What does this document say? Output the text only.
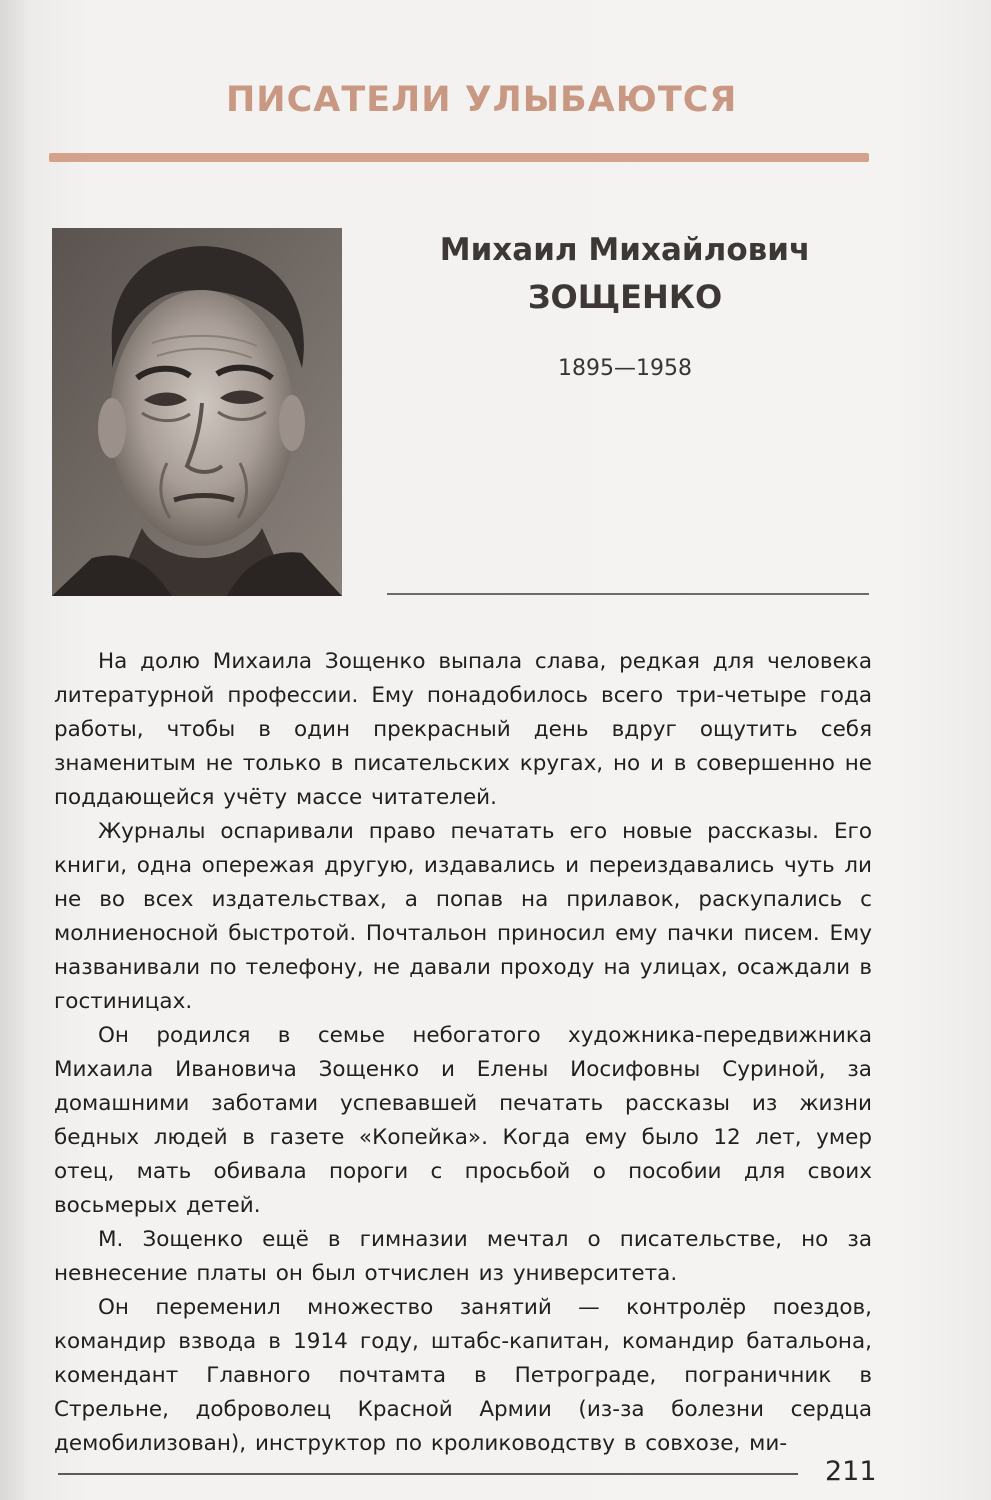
ПИСАТЕЛИ УЛЫБАЮТСЯ
Михаил Михайлович
ЗОЩЕНКО
1895—1958

На долю Михаила Зощенко выпала слава, редкая для человека литературной профессии. Ему понадобилось всего три-четыре года работы, чтобы в один прекрасный день вдруг ощутить себя знаменитым не только в писательских кругах, но и в совершенно не поддающейся учёту массе читателей.

Журналы оспаривали право печатать его новые рассказы. Его книги, одна опережая другую, издавались и переиздавались чуть ли не во всех издательствах, а попав на прилавок, раскупались с молниеносной быстротой. Почтальон приносил ему пачки писем. Ему названивали по телефону, не давали проходу на улицах, осаждали в гостиницах.

Он родился в семье небогатого художника-передвижника Михаила Ивановича Зощенко и Елены Иосифовны Суриной, за домашними заботами успевавшей печатать рассказы из жизни бедных людей в газете «Копейка». Когда ему было 12 лет, умер отец, мать обивала пороги с просьбой о пособии для своих восьмерых детей.

М. Зощенко ещё в гимназии мечтал о писательстве, но за невнесение платы он был отчислен из университета.

Он переменил множество занятий — контролёр поездов, командир взвода в 1914 году, штабс-капитан, командир батальона, комендант Главного почтамта в Петрограде, пограничник в Стрельне, доброволец Красной Армии (из-за болезни сердца демобилизован), инструктор по кролиководству в совхозе, ми-

211
